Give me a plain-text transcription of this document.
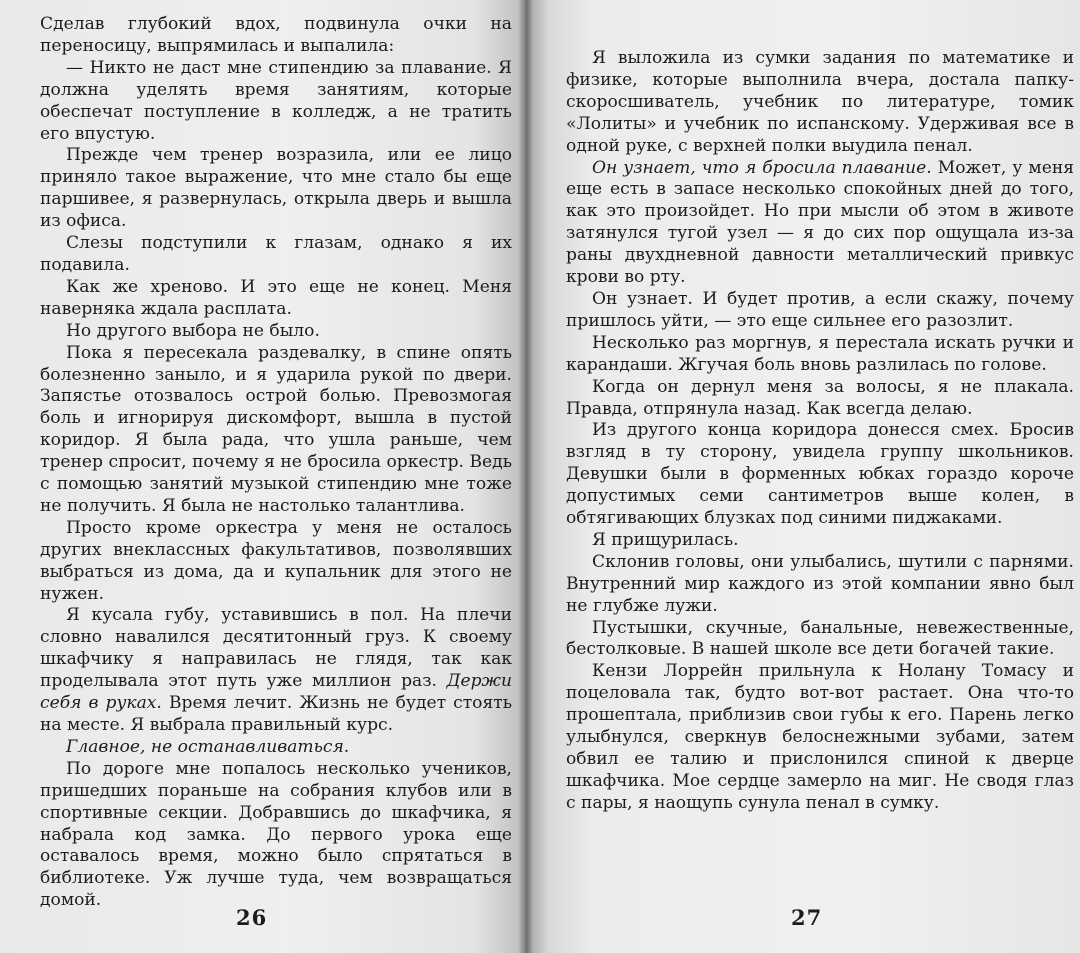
Сделав глубокий вдох, подвинула очки на переносицу, выпрямилась и выпалила:

— Никто не даст мне стипендию за плавание. Я должна уделять время занятиям, которые обеспечат поступление в колледж, а не тратить его впустую.

Прежде чем тренер возразила, или ее лицо приняло такое выражение, что мне стало бы еще паршивее, я развернулась, открыла дверь и вышла из офиса.

Слезы подступили к глазам, однако я их подавила.

Как же хреново. И это еще не конец. Меня наверняка ждала расплата.

Но другого выбора не было.

Пока я пересекала раздевалку, в спине опять болезненно заныло, и я ударила рукой по двери. Запястье отозвалось острой болью. Превозмогая боль и игнорируя дискомфорт, вышла в пустой коридор. Я была рада, что ушла раньше, чем тренер спросит, почему я не бросила оркестр. Ведь с помощью занятий музыкой стипендию мне тоже не получить. Я была не настолько талантлива.

Просто кроме оркестра у меня не осталось других внеклассных факультативов, позволявших выбраться из дома, да и купальник для этого не нужен.

Я кусала губу, уставившись в пол. На плечи словно навалился десятитонный груз. К своему шкафчику я направилась не глядя, так как проделывала этот путь уже миллион раз. Держи себя в руках. Время лечит. Жизнь не будет стоять на месте. Я выбрала правильный курс.

Главное, не останавливаться.

По дороге мне попалось несколько учеников, пришедших пораньше на собрания клубов или в спортивные секции. Добравшись до шкафчика, я набрала код замка. До первого урока еще оставалось время, можно было спрятаться в библиотеке. Уж лучше туда, чем возвращаться домой.

26

Я выложила из сумки задания по математике и физике, которые выполнила вчера, достала папку-скоросшиватель, учебник по литературе, томик «Лолиты» и учебник по испанскому. Удерживая все в одной руке, с верхней полки выудила пенал.

Он узнает, что я бросила плавание. Может, у меня еще есть в запасе несколько спокойных дней до того, как это произойдет. Но при мысли об этом в животе затянулся тугой узел — я до сих пор ощущала из-за раны двухдневной давности металлический привкус крови во рту.

Он узнает. И будет против, а если скажу, почему пришлось уйти, — это еще сильнее его разозлит.

Несколько раз моргнув, я перестала искать ручки и карандаши. Жгучая боль вновь разлилась по голове.

Когда он дернул меня за волосы, я не плакала. Правда, отпрянула назад. Как всегда делаю.

Из другого конца коридора донесся смех. Бросив взгляд в ту сторону, увидела группу школьников. Девушки были в форменных юбках гораздо короче допустимых семи сантиметров выше колен, в обтягивающих блузках под синими пиджаками.

Я прищурилась.

Склонив головы, они улыбались, шутили с парнями. Внутренний мир каждого из этой компании явно был не глубже лужи.

Пустышки, скучные, банальные, невежественные, бестолковые. В нашей школе все дети богачей такие.

Кензи Лоррейн прильнула к Нолану Томасу и поцеловала так, будто вот-вот растает. Она что-то прошептала, приблизив свои губы к его. Парень легко улыбнулся, сверкнув белоснежными зубами, затем обвил ее талию и прислонился спиной к дверце шкафчика. Мое сердце замерло на миг. Не сводя глаз с пары, я наощупь сунула пенал в сумку.

27
